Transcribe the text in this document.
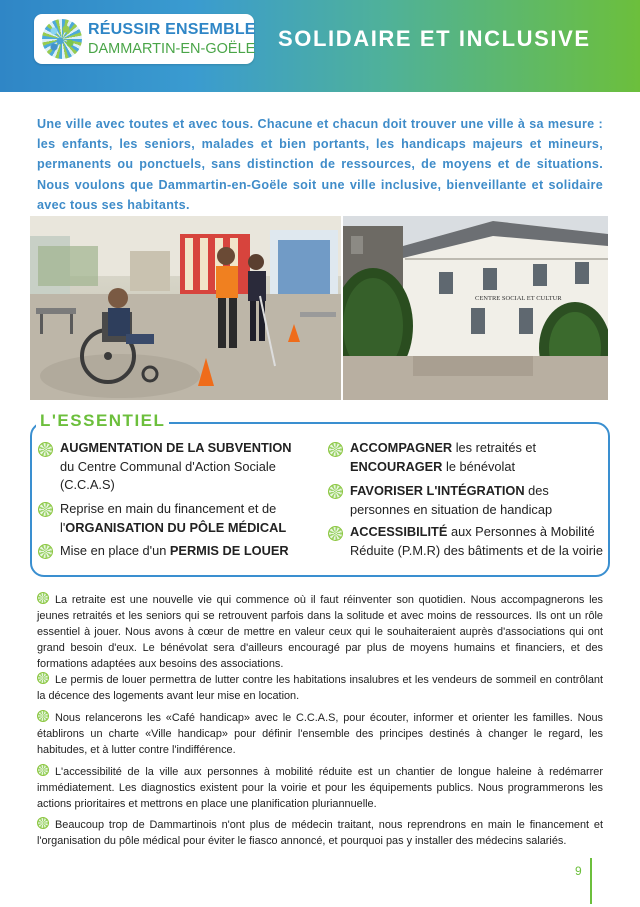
RÉUSSIR ENSEMBLE
DAMMARTIN-EN-GOËLE SOLIDAIRE ET INCLUSIVE
Une ville avec toutes et avec tous. Chacune et chacun doit trouver une ville à sa mesure : les enfants, les seniors, malades et bien portants, les handicaps majeurs et mineurs, permanents ou ponctuels, sans distinction de ressources, de moyens et de situations. Nous voulons que Dammartin-en-Goële soit une ville inclusive, bienveillante et solidaire avec tous ses habitants.
CENTRE SOCIAL ET CULTUR
L'ESSENTIEL
AUGMENTATION DE LA SUBVENTION
du Centre Communal d'Action Sociale (C.C.A.S)
Reprise en main du financement et de l'ORGANISATION DU PÔLE MÉDICAL
Mise en place d'un PERMIS DE LOUER
ACCOMPAGNER les retraités et ENCOURAGER le bénévolat
FAVORISER L'INTÉGRATION des personnes en situation de handicap
ACCESSIBILITÉ aux Personnes à Mobilité Réduite (P.M.R) des bâtiments et de la voirie
La retraite est une nouvelle vie qui commence où il faut réinventer son quotidien. Nous accompagnerons les jeunes retraités et les seniors qui se retrouvent parfois dans la solitude et avec moins de ressources. Ils ont un rôle essentiel à jouer. Nous avons à cœur de mettre en valeur ceux qui le souhaiteraient auprès d'associations qui ont grand besoin d'eux. Le bénévolat sera d'ailleurs encouragé par plus de moyens humains et financiers, et des formations adaptées aux besoins des associations.
Le permis de louer permettra de lutter contre les habitations insalubres et les vendeurs de sommeil en contrôlant la décence des logements avant leur mise en location.
Nous relancerons les «Café handicap» avec le C.C.A.S, pour écouter, informer et orienter les familles. Nous établirons un charte «Ville handicap» pour définir l'ensemble des principes destinés à changer le regard, les habitudes, et à lutter contre l'indifférence.
L'accessibilité de la ville aux personnes à mobilité réduite est un chantier de longue haleine à redémarrer immédiatement. Les diagnostics existent pour la voirie et pour les équipements publics. Nous programmerons les actions prioritaires et mettrons en place une planification pluriannuelle.
Beaucoup trop de Dammartinois n'ont plus de médecin traitant, nous reprendrons en main le financement et l'organisation du pôle médical pour éviter le fiasco annoncé, et pourquoi pas y installer des médecins salariés.
9
